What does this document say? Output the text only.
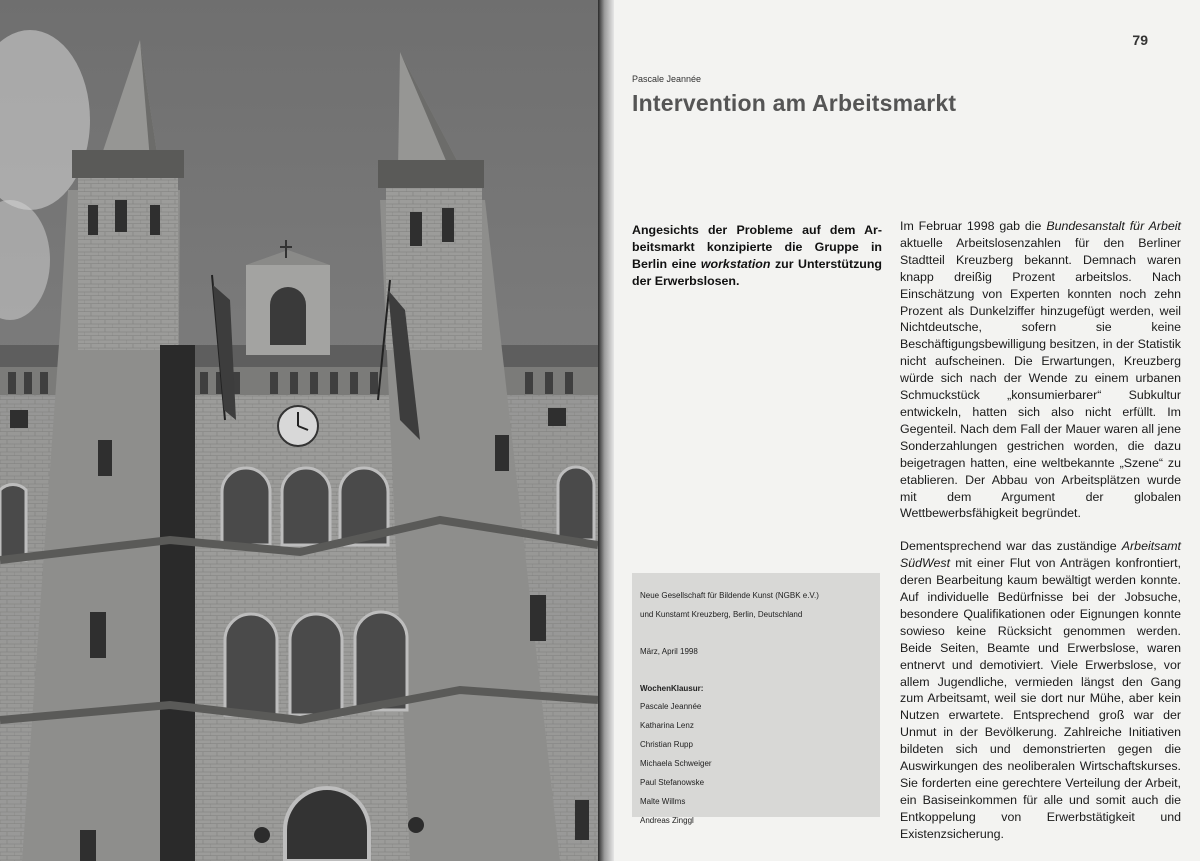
79
Pascale Jeannée
Intervention am Arbeitsmarkt

Angesichts der Probleme auf dem Arbeitsmarkt konzipierte die Gruppe in Berlin eine workstation zur Unterstützung der Erwerbslosen.

Im Februar 1998 gab die Bundesanstalt für Arbeit aktuelle Arbeitslosenzahlen für den Berliner Stadtteil Kreuzberg bekannt. Demnach waren knapp dreißig Prozent arbeitslos. Nach Einschätzung von Experten konnten noch zehn Prozent als Dunkelziffer hinzugefügt werden, weil Nichtdeutsche, sofern sie keine Beschäftigungsbewilligung besitzen, in der Statistik nicht aufscheinen. Die Erwartungen, Kreuzberg würde sich nach der Wende zu einem urbanen Schmuckstück „konsumierbarer“ Subkultur entwickeln, hatten sich also nicht erfüllt. Im Gegenteil. Nach dem Fall der Mauer waren all jene Sonderzahlungen gestrichen worden, die dazu beigetragen hatten, eine weltbekannte „Szene“ zu etablieren. Der Abbau von Arbeitsplätzen wurde mit dem Argument der globalen Wettbewerbsfähigkeit begründet.

Dementsprechend war das zuständige Arbeitsamt SüdWest mit einer Flut von Anträgen konfrontiert, deren Bearbeitung kaum bewältigt werden konnte. Auf individuelle Bedürfnisse bei der Jobsuche, besondere Qualifikationen oder Eignungen konnte sowieso keine Rücksicht genommen werden. Beide Seiten, Beamte und Erwerbslose, waren entnervt und demotiviert. Viele Erwerbslose, vor allem Jugendliche, vermieden längst den Gang zum Arbeitsamt, weil sie dort nur Mühe, aber kein Nutzen erwartete. Entsprechend groß war der Unmut in der Bevölkerung. Zahlreiche Initiativen bildeten sich und demonstrierten gegen die Auswirkungen des neoliberalen Wirtschaftskurses. Sie forderten eine gerechtere Verteilung der Arbeit, ein Basiseinkommen für alle und somit auch die Entkoppelung von Erwerbstätigkeit und Existenzsicherung.

Neue Gesellschaft für Bildende Kunst (NGBK e.V.)
und Kunstamt Kreuzberg, Berlin, Deutschland
März, April 1998
WochenKlausur:
Pascale Jeannée
Katharina Lenz
Christian Rupp
Michaela Schweiger
Paul Stefanowske
Malte Willms
Andreas Zinggl
